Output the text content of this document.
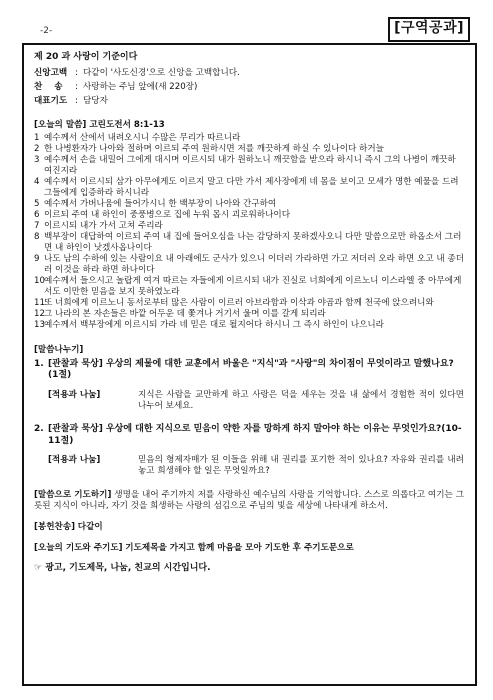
-2-	[구역공과]
제 20 과 사랑이 기준이다
신앙고백 : 다같이 '사도신경'으로 신앙을 고백합니다.
찬    송	: 사랑하는 주님 앞에(새 220장)
대표기도 : 담당자
[오늘의 말씀] 고린도전서 8:1-13
1 예수께서 산에서 내려오시니 수많은 무리가 따르니라
2 한 나병환자가 나아와 절하며 이르되 주여 원하시면 저를 깨끗하게 하실 수 있나이다 하거늘
3 예수께서 손을 내밀어 그에게 대시며 이르시되 내가 원하노니 깨끗함을 받으라 하시니 즉시 그의 나병이 깨끗하여진지라
4 예수께서 이르시되 삼가 아무에게도 이르지 말고 다만 가서 제사장에게 네 몸을 보이고 모세가 명한 예물을 드려 그들에게 입증하라 하시니라
5 예수께서 가버나움에 들어가시니 한 백부장이 나아와 간구하여
6 이르되 주여 내 하인이 중풍병으로 집에 누워 몹시 괴로워하나이다
7 이르시되 내가 가서 고쳐 주리라
8 백부장이 대답하여 이르되 주여 내 집에 들어오심을 나는 감당하지 못하겠사오니 다만 말씀으로만 하옵소서 그러면 내 하인이 낫겠사옵나이다
9 나도 남의 수하에 있는 사람이요 내 아래에도 군사가 있으니 이더러 가라하면 가고 저더러 오라 하면 오고 내 종더러 이것을 하라 하면 하나이다
10 예수께서 들으시고 놀랍게 여겨 따르는 자들에게 이르시되 내가 진실로 너희에게 이르노니 이스라엘 중 아무에게서도 이만한 믿음을 보지 못하였노라
11 또 너희에게 이르노니 동서로부터 많은 사람이 이르러 아브라함과 이삭과 야곱과 함께 천국에 앉으려니와
12 그 나라의 본 자손들은 바깥 어두운 데 쫓겨나 거기서 울며 이를 갈게 되리라
13 예수께서 백부장에게 이르시되 가라 네 믿은 대로 될지어다 하시니 그 즉시 하인이 나으니라
[말씀나누기]
1. [관찰과 묵상] 우상의 제물에 대한 교훈에서 바울은 "지식"과 "사랑"의 차이점이 무엇이라고 말했나요?(1절)
[적용과 나눔]	지식은 사람을 교만하게 하고 사랑은 덕을 세우는 것을 내 삶에서 경험한 적이 있다면 나누어 보세요.
2. [관찰과 묵상] 우상에 대한 지식으로 믿음이 약한 자를 망하게 하지 말아야 하는 이유는 무엇인가요?(10-11절)
[적용과 나눔]	믿음의 형제자매가 된 이들을 위해 내 권리를 포기한 적이 있나요? 자유와 권리를 내려놓고 희생해야 할 일은 무엇일까요?
[말씀으로 기도하기] 생명을 내어 주기까지 저를 사랑하신 예수님의 사랑을 기억합니다. 스스로 의롭다고 여기는 그릇된 지식이 아니라, 자기 것을 희생하는 사랑의 섬김으로 주님의 빛을 세상에 나타내게 하소서.
[봉헌찬송] 다같이
[오늘의 기도와 주기도] 기도제목을 가지고 함께 마음을 모아 기도한 후 주기도문으로
☞ 광고, 기도제목, 나눔, 친교의 시간입니다.
